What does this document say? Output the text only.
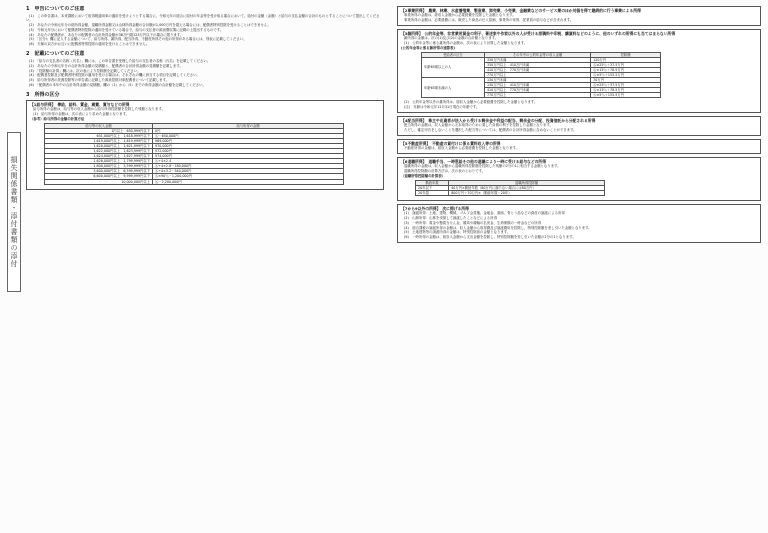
損失関係書類・添付書類の添付
1　申告についてのご注意
(1)　この申告書は、本来課税において取得税適用率の適用を受けようとする場合に、令和元年の総合に給付の年金等を受け取る場合において、給付の金額（金額）と給与の支払金額の合計のものとすることについて提出してください。
(2)　あなたの令和元年分の総所得金額、退職所得金額又は山林所得金額の合計額が1,000万円を超える場合には、配偶者特別控除を受けることはできません。
(3)　令和元年分において配偶者特別控除の適用を受けている場合で、給与の支払者の源泉徴収簿に記載の上提出するものです。
(4)　あなたの配偶者が、あなたの配偶者の合計所得金額が38万円超123万円以下の場合に限ります。
(5)　「区分Ⅰ」欄に記入する金額について、給与所得、雑所得、配当所得、不動産所得その他の所得がある場合には、別表に記載してください。
(6)　夫婦の双方がお互いに配偶者特別控除の適用を受けることはできません。
2　記載についてのご注意
(1)　「給与の支払者の名称（氏名）」欄には、この申告書を受理した給与の支払者の名称（氏名）を記載してください。
(2)　あなたの令和元年分の合計所得金額の見積額と、配偶者の合計所得金額の見積額を記載します。
(3)　「控除額の計算」欄には、次の表により控除額を記載してください。
(4)　配偶者控除及び配偶者特別控除の適用を受ける場合は、それぞれの欄に該当する項目を記載してください。
(5)　給与所得者の扶養控除等の申告書に記載した源泉控除対象配偶者について記載します。
(6)　「配偶者の本年中の合計所得金額の見積額」欄の（1）から（5）までの所得金額の合計額を記載してください。
3　所得の区分
【1給与所得】　俸給、給料、賃金、歳費、賞与などの所得
給与所得の金額は、給与等の収入金額から給与所得控除額を控除した残額となります。
(1)　給与所得の金額は、次の表により求めた金額となります。
（参考）給与所得の金額の計算方法
給与等の収入金額	給与所得の金額
1円以上　650,999円以下	0円
651,000円以上　1,618,999円以下	Ⓐ－650,000円
1,619,000円以上　1,619,999円以下	969,000円
1,620,000円以上　1,621,999円以下	970,000円
1,622,000円以上　1,623,999円以下	972,000円
1,624,000円以上　1,627,999円以下	974,000円
1,628,000円以上　1,799,999円以下	Ⓐ÷4×2.4
1,800,000円以上　3,599,999円以下	Ⓐ÷4×2.8－180,000円
3,600,000円以上　6,599,999円以下	Ⓐ÷4×3.2－540,000円
6,600,000円以上　9,999,999円以下	Ⓐ×90％－1,200,000円
10,000,000円以上	Ⓐ－2,200,000円
【2事業所得】　農業、林業、水産養殖業、製造業、卸売業、小売業、金融業などのサービス業のほか対価を得て継続的に行う事業による所得
事業所得の金額は、総収入金額から必要経費を控除した金額となります。
事業所得の金額は、必要経費には、販売した商品の仕入原価、事業所の家賃、従業員の給与などが含まれます。
【3雑所得】　公的年金等、非営業用貸金の利子、著述家や作家以外の人が受ける原稿料や印税、講演料などのように、他のいずれの所得にも当てはまらない所得
雑所得の金額は、次の(1)及び(2)の金額の合計額となります。
(1)　公的年金等に係る雑所得の金額は、次の表により計算した金額となります。
(公的年金等に係る雑所得の速算表)
受給者の区分	その年中の公的年金等の収入金額	控除額
年齢65歳以上の人	330万円未満	120万円
	330万円以上　410万円未満	Ⓐ×25％＋37.5万円
	410万円以上　770万円未満	Ⓐ×15％＋78.5万円
	770万円以上	Ⓐ×5％＋155.5万円
年齢65歳未満の人	130万円未満	70万円
	130万円以上　410万円未満	Ⓐ×25％＋37.5万円
	410万円以上　770万円未満	Ⓐ×15％＋78.5万円
	770万円以上	Ⓐ×5％＋155.5万円
(2)　公的年金等以外の雑所得は、総収入金額から必要経費を控除した金額となります。
(注)　年齢は令和元年12月31日現在の年齢です。
【4配当所得】　株主や出資者が法人から受ける剰余金や利益の配当、剰余金の分配、投資信託から分配される所得
配当所得の金額は、収入金額から元本取得のために要した負債の利子を控除した金額となります。
ただし、確定申告をしないことを選択した配当等については、配偶者の合計所得金額に含めないことができます。
【5不動産所得】　不動産の貸付けに係る賃料収入等の所得
不動産所得の金額は、総収入金額から必要経費を控除した金額となります。
【6退職所得】　退職手当、一時恩給その他の退職により一時に受ける給与などの所得
退職所得の金額は、収入金額から退職所得控除額を控除した残額の2分の1に相当する金額となります。
退職所得控除額の計算方法は、次の表のとおりです。
（退職所得控除額の計算表）
勤続年数	退職所得控除額
20年以下	40万円×勤続年数（80万円に満たない場合には80万円）
20年超	800万円＋70万円×（勤続年数－20年）
【7から9以外の所得】　次に掲げる所得
(1)　譲渡所得：土地、建物、機械、ゴルフ会員権、金地金、書画、骨とう品などの資産の譲渡による所得
(2)　山林所得：山林を伐採して譲渡したことなどによる所得
(3)　一時所得：賞金や懸賞当せん金、競馬や競輪の払戻金、生命保険の一時金などの所得
(4)　総合課税の譲渡所得の金額は、収入金額から取得費及び譲渡費用を控除し、特別控除額を差し引いた金額となります。
(5)　土地建物等の譲渡所得の金額は、特別控除前の金額となります。
(6)　一時所得の金額は、総収入金額から支出金額を控除し、特別控除額を差し引いた金額の2分の1となります。
